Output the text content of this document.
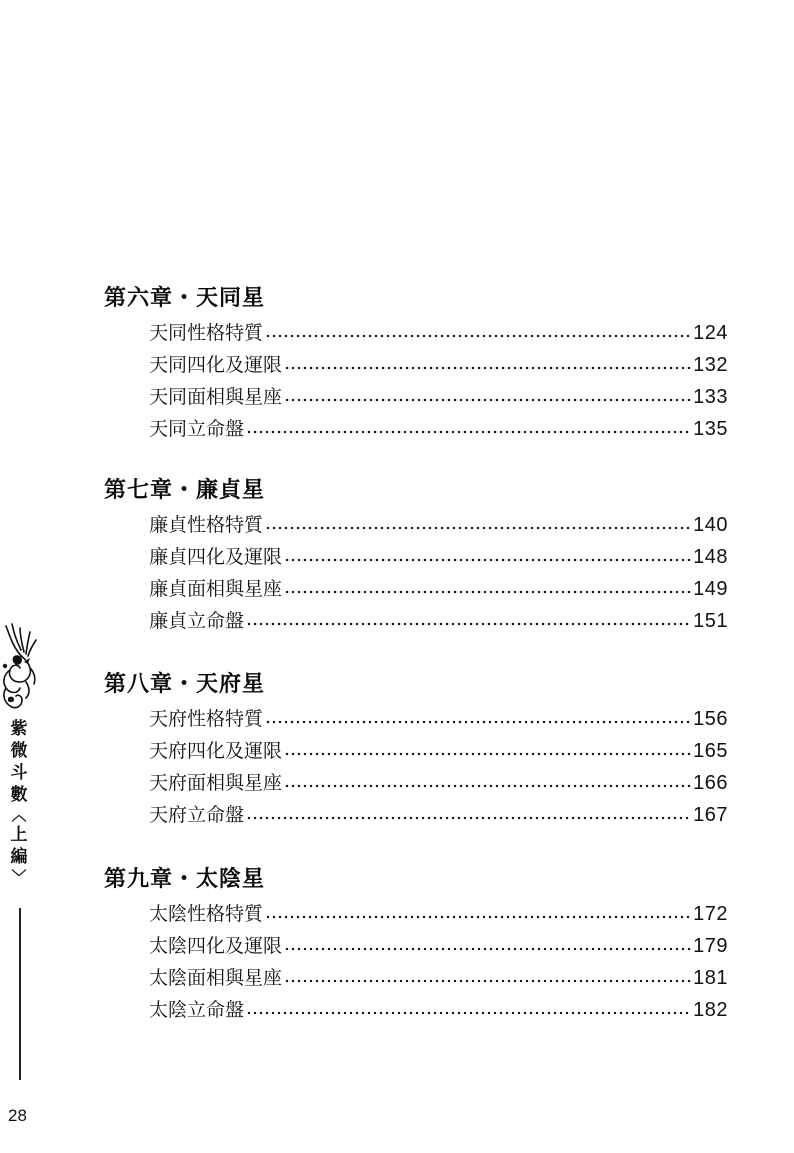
第六章・天同星
天同性格特質	124
天同四化及運限	132
天同面相與星座	133
天同立命盤	135
第七章・廉貞星
廉貞性格特質	140
廉貞四化及運限	148
廉貞面相與星座	149
廉貞立命盤	151
第八章・天府星
天府性格特質	156
天府四化及運限	165
天府面相與星座	166
天府立命盤	167
第九章・太陰星
太陰性格特質	172
太陰四化及運限	179
太陰面相與星座	181
太陰立命盤	182
紫
微
斗
數
︿
上
編
﹀
28
